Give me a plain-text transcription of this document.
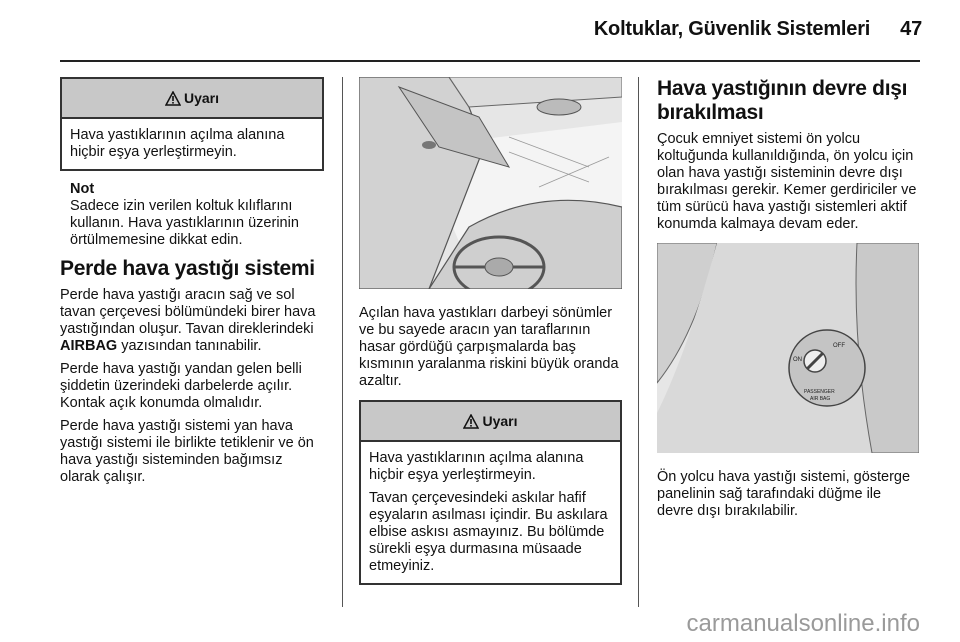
Koltuklar, Güvenlik Sistemleri 47
Uyarı

Hava yastıklarının açılma alanına hiçbir eşya yerleştirmeyin.

Not
Sadece izin verilen koltuk kılıflarını kullanın. Hava yastıklarının üzerinin örtülmemesine dikkat edin.
Perde hava yastığı sistemi

Perde hava yastığı aracın sağ ve sol tavan çerçevesi bölümündeki birer hava yastığından oluşur. Tavan direklerindeki AIRBAG yazısından tanınabilir.

Perde hava yastığı yandan gelen belli şiddetin üzerindeki darbelerde açılır. Kontak açık konumda olmalıdır.

Perde hava yastığı sistemi yan hava yastığı sistemi ile birlikte tetiklenir ve ön hava yastığı sisteminden bağımsız olarak çalışır.

Açılan hava yastıkları darbeyi sönümler ve bu sayede aracın yan taraflarının hasar gördüğü çarpışmalarda baş kısmının yaralanma riskini büyük oranda azaltır.

Uyarı

Hava yastıklarının açılma alanına hiçbir eşya yerleştirmeyin.

Tavan çerçevesindeki askılar hafif eşyaların asılması içindir. Bu askılara elbise askısı asmayınız. Bu bölümde sürekli eşya durmasına müsaade etmeyiniz.

Hava yastığının devre dışı bırakılması

Çocuk emniyet sistemi ön yolcu koltuğunda kullanıldığında, ön yolcu için olan hava yastığı sisteminin devre dışı bırakılması gerekir. Kemer gerdiriciler ve tüm sürücü hava yastığı sistemleri aktif konumda kalmaya devam eder.

ON
OFF
PASSENGER
AIR BAG

Ön yolcu hava yastığı sistemi, gösterge panelinin sağ tarafındaki düğme ile devre dışı bırakılabilir.

carmanualsonline.info
